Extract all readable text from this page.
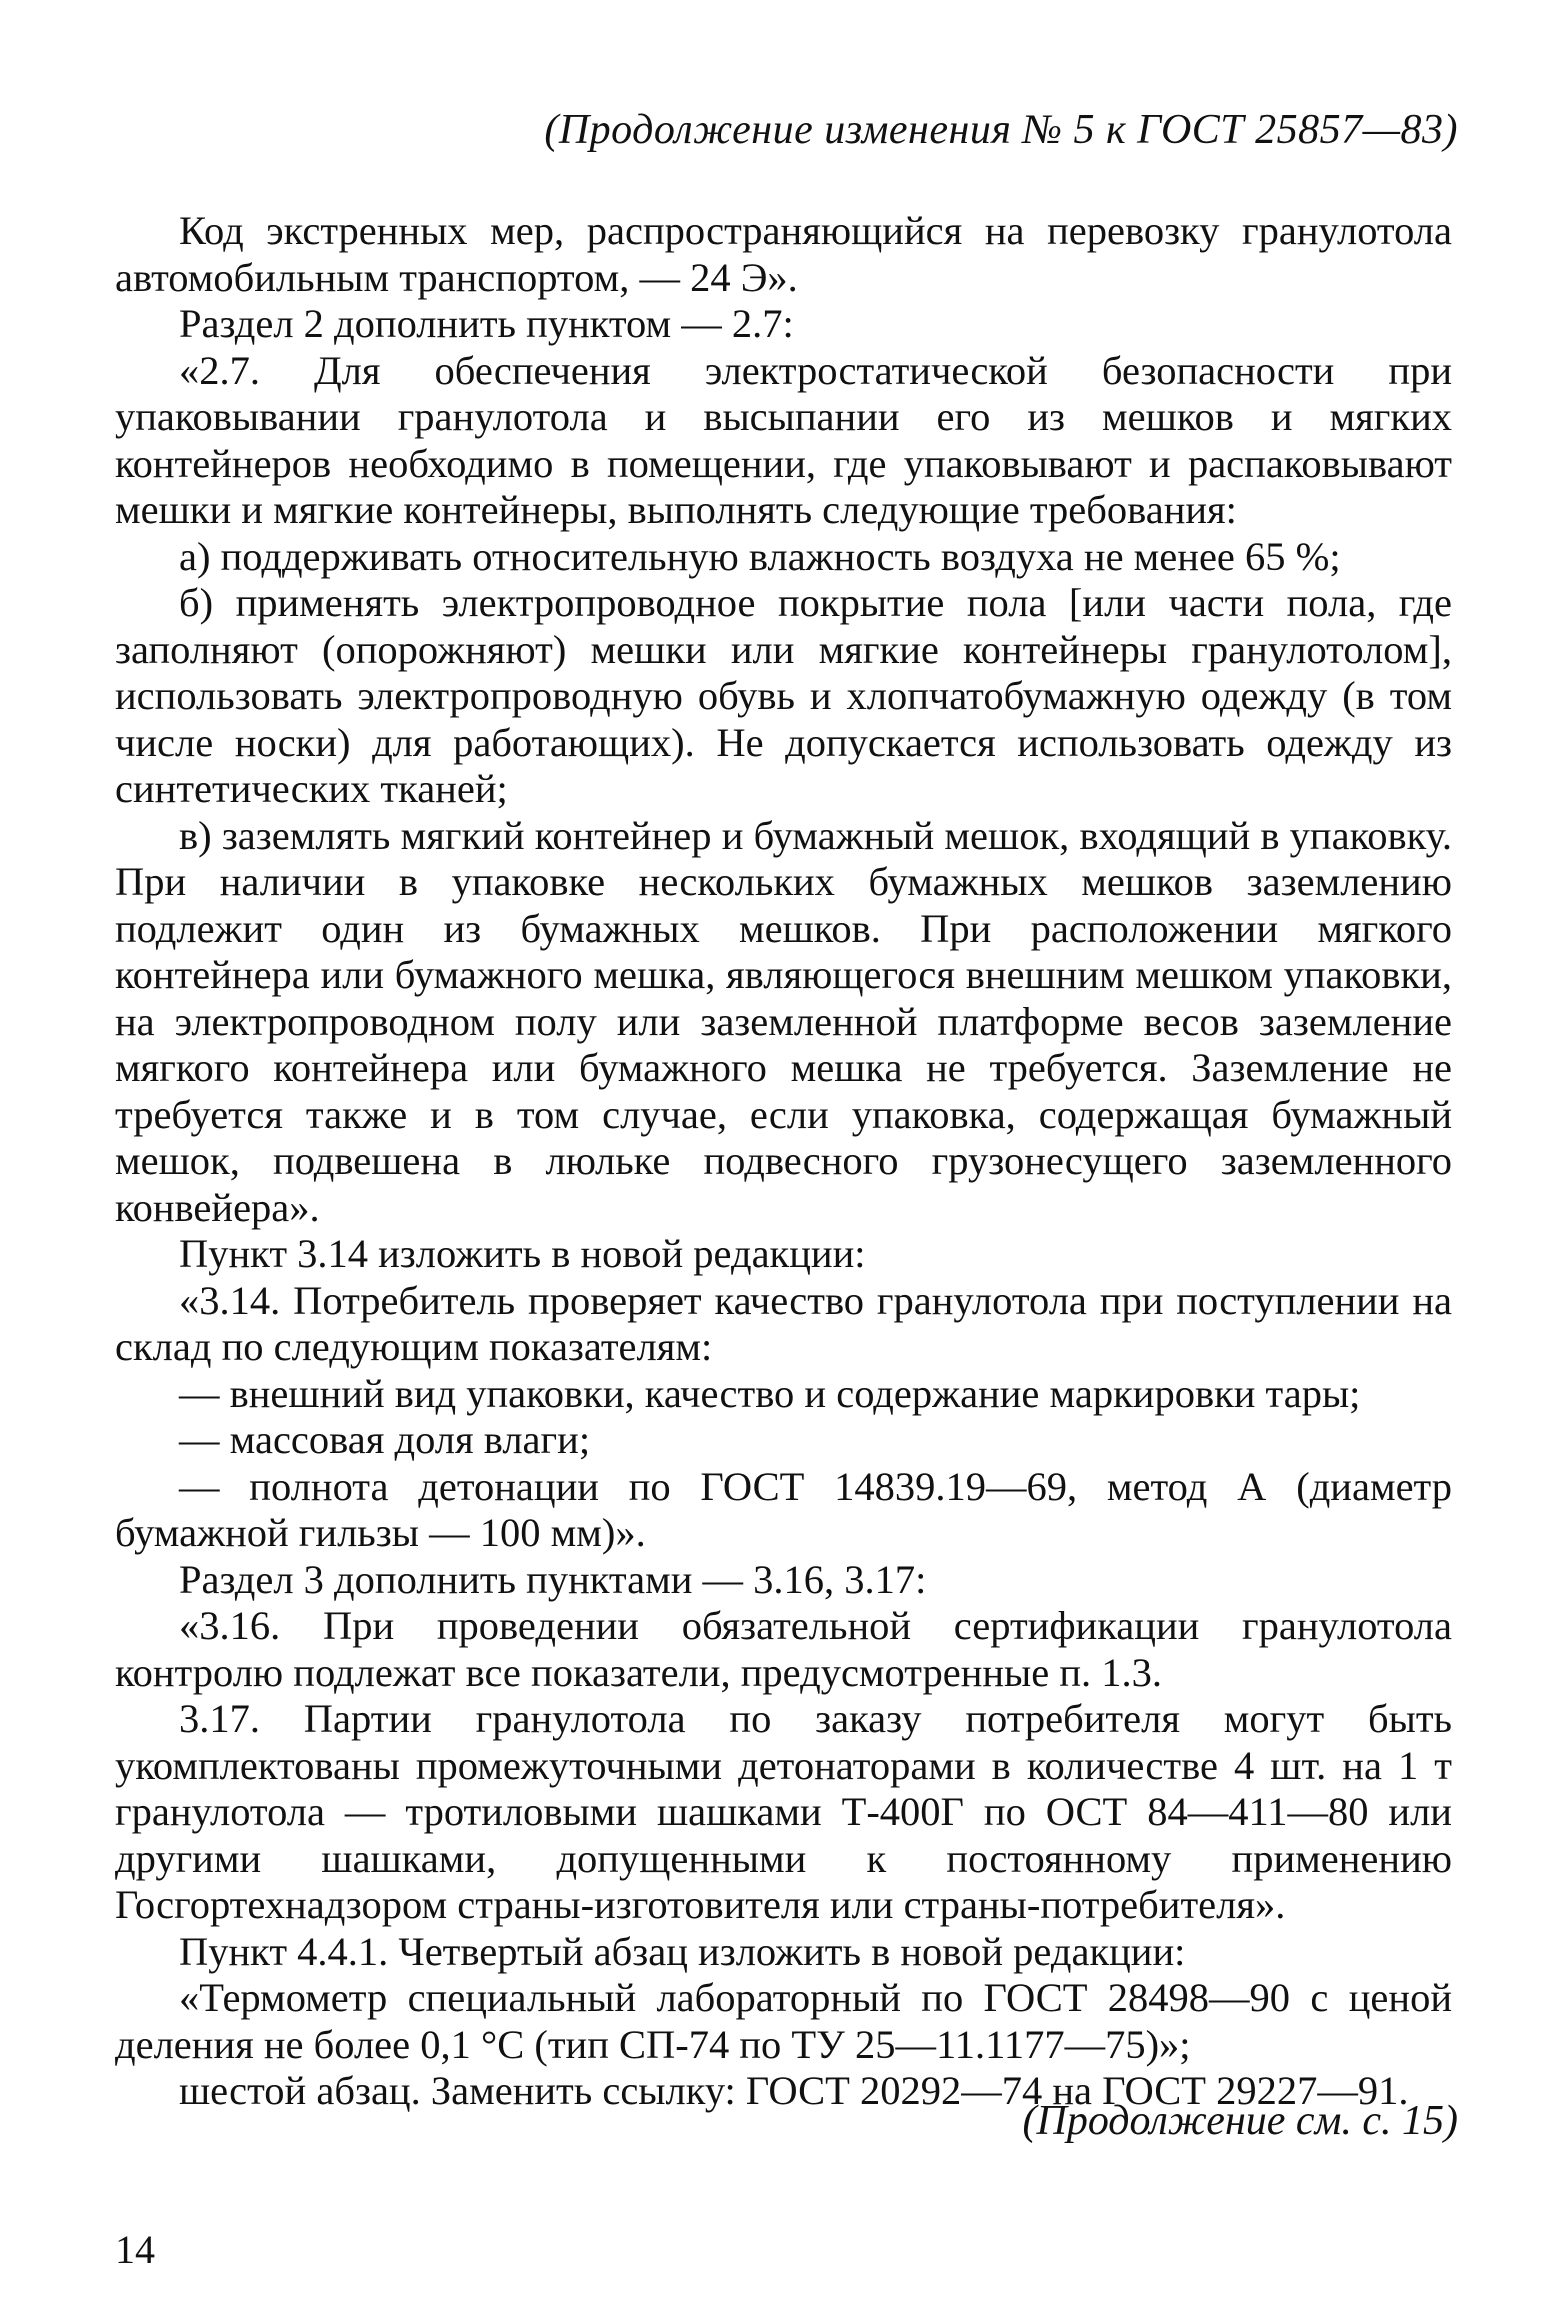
(Продолжение изменения № 5 к ГОСТ 25857—83)

Код экстренных мер, распространяющийся на перевозку гранулотола автомобильным транспортом, — 24 Э».

Раздел 2 дополнить пунктом — 2.7:

«2.7. Для обеспечения электростатической безопасности при упаковывании гранулотола и высыпании его из мешков и мягких контейнеров необходимо в помещении, где упаковывают и распаковывают мешки и мягкие контейнеры, выполнять следующие требования:

а) поддерживать относительную влажность воздуха не менее 65 %;

б) применять электропроводное покрытие пола [или части пола, где заполняют (опорожняют) мешки или мягкие контейнеры гранулотолом], использовать электропроводную обувь и хлопчатобумажную одежду (в том числе носки) для работающих). Не допускается использовать одежду из синтетических тканей;

в) заземлять мягкий контейнер и бумажный мешок, входящий в упаковку. При наличии в упаковке нескольких бумажных мешков заземлению подлежит один из бумажных мешков. При расположении мягкого контейнера или бумажного мешка, являющегося внешним мешком упаковки, на электропроводном полу или заземленной платформе весов заземление мягкого контейнера или бумажного мешка не требуется. Заземление не требуется также и в том случае, если упаковка, содержащая бумажный мешок, подвешена в люльке подвесного грузонесущего заземленного конвейера».

Пункт 3.14 изложить в новой редакции:

«3.14. Потребитель проверяет качество гранулотола при поступлении на склад по следующим показателям:

— внешний вид упаковки, качество и содержание маркировки тары;

— массовая доля влаги;

— полнота детонации по ГОСТ 14839.19—69, метод А (диаметр бумажной гильзы — 100 мм)».

Раздел 3 дополнить пунктами — 3.16, 3.17:

«3.16. При проведении обязательной сертификации гранулотола контролю подлежат все показатели, предусмотренные п. 1.3.

3.17. Партии гранулотола по заказу потребителя могут быть укомплектованы промежуточными детонаторами в количестве 4 шт. на 1 т гранулотола — тротиловыми шашками Т-400Г по ОСТ 84—411—80 или другими шашками, допущенными к постоянному применению Госгортехнадзором страны-изготовителя или страны-потребителя».

Пункт 4.4.1. Четвертый абзац изложить в новой редакции:

«Термометр специальный лабораторный по ГОСТ 28498—90 с ценой деления не более 0,1 °С (тип СП-74 по ТУ 25—11.1177—75)»;

шестой абзац. Заменить ссылку: ГОСТ 20292—74 на ГОСТ 29227—91.

(Продолжение см. с. 15)
14
